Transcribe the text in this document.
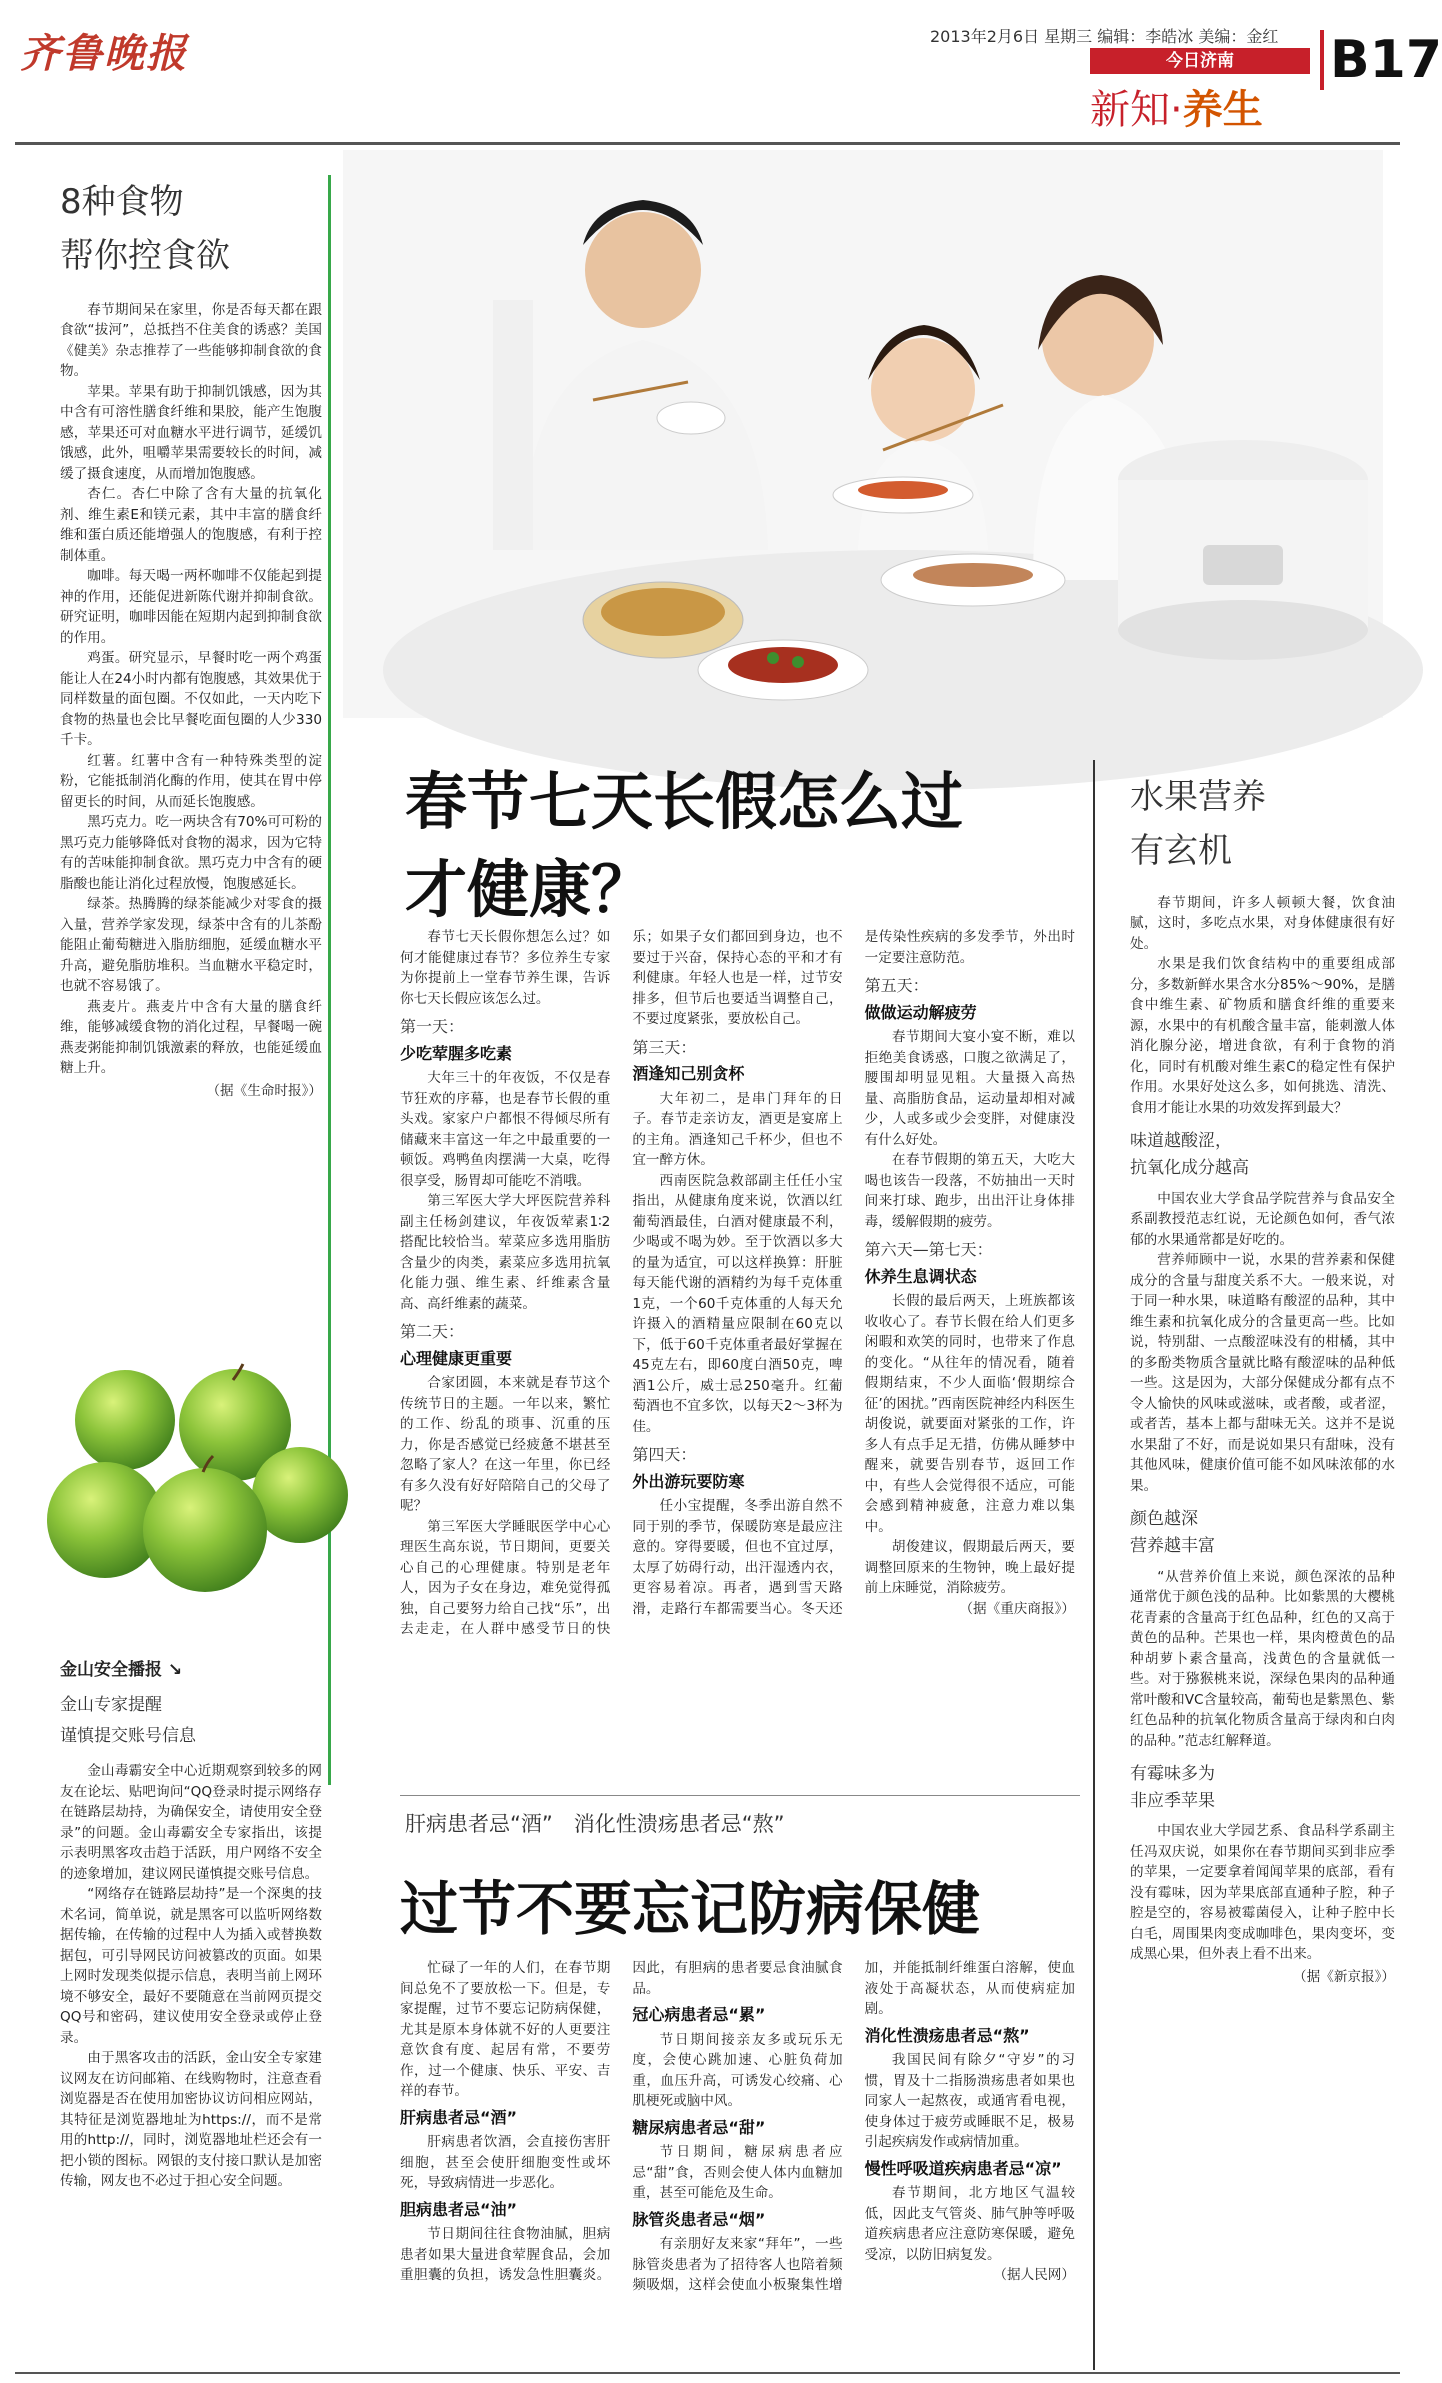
齐鲁晚报	2013年2月6日 星期三 编辑：李皓冰 美编：金红
今日济南
新知·养生
B17
8种食物
帮你控食欲

春节期间呆在家里，你是否每天都在跟食欲“拔河”，总抵挡不住美食的诱惑？美国《健美》杂志推荐了一些能够抑制食欲的食物。

苹果。苹果有助于抑制饥饿感，因为其中含有可溶性膳食纤维和果胶，能产生饱腹感，苹果还可对血糖水平进行调节，延缓饥饿感，此外，咀嚼苹果需要较长的时间，减缓了摄食速度，从而增加饱腹感。

杏仁。杏仁中除了含有大量的抗氧化剂、维生素E和镁元素，其中丰富的膳食纤维和蛋白质还能增强人的饱腹感，有利于控制体重。

咖啡。每天喝一两杯咖啡不仅能起到提神的作用，还能促进新陈代谢并抑制食欲。研究证明，咖啡因能在短期内起到抑制食欲的作用。

鸡蛋。研究显示，早餐时吃一两个鸡蛋能让人在24小时内都有饱腹感，其效果优于同样数量的面包圈。不仅如此，一天内吃下食物的热量也会比早餐吃面包圈的人少330千卡。

红薯。红薯中含有一种特殊类型的淀粉，它能抵制消化酶的作用，使其在胃中停留更长的时间，从而延长饱腹感。

黑巧克力。吃一两块含有70%可可粉的黑巧克力能够降低对食物的渴求，因为它特有的苦味能抑制食欲。黑巧克力中含有的硬脂酸也能让消化过程放慢，饱腹感延长。

绿茶。热腾腾的绿茶能减少对零食的摄入量，营养学家发现，绿茶中含有的儿茶酚能阻止葡萄糖进入脂肪细胞，延缓血糖水平升高，避免脂肪堆积。当血糖水平稳定时，也就不容易饿了。

燕麦片。燕麦片中含有大量的膳食纤维，能够减缓食物的消化过程，早餐喝一碗燕麦粥能抑制饥饿激素的释放，也能延缓血糖上升。

（据《生命时报》）
金山安全播报 ↘
金山专家提醒
谨慎提交账号信息

金山毒霸安全中心近期观察到较多的网友在论坛、贴吧询问“QQ登录时提示网络存在链路层劫持，为确保安全，请使用安全登录”的问题。金山毒霸安全专家指出，该提示表明黑客攻击趋于活跃，用户网络不安全的迹象增加，建议网民谨慎提交账号信息。

“网络存在链路层劫持”是一个深奥的技术名词，简单说，就是黑客可以监听网络数据传输，在传输的过程中人为插入或替换数据包，可引导网民访问被篡改的页面。如果上网时发现类似提示信息，表明当前上网环境不够安全，最好不要随意在当前网页提交QQ号和密码，建议使用安全登录或停止登录。

由于黑客攻击的活跃，金山安全专家建议网友在访问邮箱、在线购物时，注意查看浏览器是否在使用加密协议访问相应网站，其特征是浏览器地址为https://，而不是常用的http://，同时，浏览器地址栏还会有一把小锁的图标。网银的支付接口默认是加密传输，网友也不必过于担心安全问题。

春节七天长假怎么过
才健康？

春节七天长假你想怎么过？如何才能健康过春节？多位养生专家为你提前上一堂春节养生课，告诉你七天长假应该怎么过。

第一天：
少吃荤腥多吃素

大年三十的年夜饭，不仅是春节狂欢的序幕，也是春节长假的重头戏。家家户户都恨不得倾尽所有储藏来丰富这一年之中最重要的一顿饭。鸡鸭鱼肉摆满一大桌，吃得很享受，肠胃却可能吃不消哦。

第三军医大学大坪医院营养科副主任杨剑建议，年夜饭荤素1∶2搭配比较恰当。荤菜应多选用脂肪含量少的肉类，素菜应多选用抗氧化能力强、维生素、纤维素含量高、高纤维素的蔬菜。

第二天：
心理健康更重要

合家团圆，本来就是春节这个传统节日的主题。一年以来，繁忙的工作、纷乱的琐事、沉重的压力，你是否感觉已经疲惫不堪甚至忽略了家人？在这一年里，你已经有多久没有好好陪陪自己的父母了呢？

第三军医大学睡眠医学中心心理医生高东说，节日期间，更要关心自己的心理健康。特别是老年人，因为子女在身边，难免觉得孤独，自己要努力给自己找“乐”，出去走走，在人群中感受节日的快乐；如果子女们都回到身边，也不要过于兴奋，保持心态的平和才有利健康。年轻人也是一样，过节安排多，但节后也要适当调整自己，不要过度紧张，要放松自己。

第三天：
酒逢知己别贪杯

大年初二，是串门拜年的日子。春节走亲访友，酒更是宴席上的主角。酒逢知己千杯少，但也不宜一醉方休。

西南医院急救部副主任任小宝指出，从健康角度来说，饮酒以红葡萄酒最佳，白酒对健康最不利，少喝或不喝为妙。至于饮酒以多大的量为适宜，可以这样换算：肝脏每天能代谢的酒精约为每千克体重1克，一个60千克体重的人每天允许摄入的酒精量应限制在60克以下，低于60千克体重者最好掌握在45克左右，即60度白酒50克，啤酒1公斤，威士忌250毫升。红葡萄酒也不宜多饮，以每天2～3杯为佳。

第四天：
外出游玩要防寒

任小宝提醒，冬季出游自然不同于别的季节，保暖防寒是最应注意的。穿得要暖，但也不宜过厚，太厚了妨碍行动，出汗湿透内衣，更容易着凉。再者，遇到雪天路滑，走路行车都需要当心。冬天还是传染性疾病的多发季节，外出时一定要注意防范。

第五天：
做做运动解疲劳

春节期间大宴小宴不断，难以拒绝美食诱惑，口腹之欲满足了，腰围却明显见粗。大量摄入高热量、高脂肪食品，运动量却相对减少，人或多或少会变胖，对健康没有什么好处。

在春节假期的第五天，大吃大喝也该告一段落，不妨抽出一天时间来打球、跑步，出出汗让身体排毒，缓解假期的疲劳。

第六天—第七天：
休养生息调状态

长假的最后两天，上班族都该收收心了。春节长假在给人们更多闲暇和欢笑的同时，也带来了作息的变化。“从往年的情况看，随着假期结束，不少人面临‘假期综合征’的困扰。”西南医院神经内科医生胡俊说，就要面对紧张的工作，许多人有点手足无措，仿佛从睡梦中醒来，就要告别春节，返回工作中，有些人会觉得很不适应，可能会感到精神疲惫，注意力难以集中。

胡俊建议，假期最后两天，要调整回原来的生物钟，晚上最好提前上床睡觉，消除疲劳。

（据《重庆商报》）
水果营养
有玄机

春节期间，许多人顿顿大餐，饮食油腻，这时，多吃点水果，对身体健康很有好处。

水果是我们饮食结构中的重要组成部分，多数新鲜水果含水分85%～90%，是膳食中维生素、矿物质和膳食纤维的重要来源，水果中的有机酸含量丰富，能刺激人体消化腺分泌，增进食欲，有利于食物的消化，同时有机酸对维生素C的稳定性有保护作用。水果好处这么多，如何挑选、清洗、食用才能让水果的功效发挥到最大？

味道越酸涩，
抗氧化成分越高

中国农业大学食品学院营养与食品安全系副教授范志红说，无论颜色如何，香气浓郁的水果通常都是好吃的。

营养师顾中一说，水果的营养素和保健成分的含量与甜度关系不大。一般来说，对于同一种水果，味道略有酸涩的品种，其中维生素和抗氧化成分的含量更高一些。比如说，特别甜、一点酸涩味没有的柑橘，其中的多酚类物质含量就比略有酸涩味的品种低一些。这是因为，大部分保健成分都有点不令人愉快的风味或滋味，或者酸，或者涩，或者苦，基本上都与甜味无关。这并不是说水果甜了不好，而是说如果只有甜味，没有其他风味，健康价值可能不如风味浓郁的水果。

颜色越深
营养越丰富

“从营养价值上来说，颜色深浓的品种通常优于颜色浅的品种。比如紫黑的大樱桃花青素的含量高于红色品种，红色的又高于黄色的品种。芒果也一样，果肉橙黄色的品种胡萝卜素含量高，浅黄色的含量就低一些。对于猕猴桃来说，深绿色果肉的品种通常叶酸和VC含量较高，葡萄也是紫黑色、紫红色品种的抗氧化物质含量高于绿肉和白肉的品种。”范志红解释道。

有霉味多为
非应季苹果

中国农业大学园艺系、食品科学系副主任冯双庆说，如果你在春节期间买到非应季的苹果，一定要拿着闻闻苹果的底部，看有没有霉味，因为苹果底部直通种子腔，种子腔是空的，容易被霉菌侵入，让种子腔中长白毛，周围果肉变成咖啡色，果肉变坏，变成黑心果，但外表上看不出来。

（据《新京报》）
肝病患者忌“酒”　消化性溃疡患者忌“熬”
过节不要忘记防病保健

忙碌了一年的人们，在春节期间总免不了要放松一下。但是，专家提醒，过节不要忘记防病保健，尤其是原本身体就不好的人更要注意饮食有度、起居有常，不要劳作，过一个健康、快乐、平安、吉祥的春节。

肝病患者忌“酒”

肝病患者饮酒，会直接伤害肝细胞，甚至会使肝细胞变性或坏死，导致病情进一步恶化。

胆病患者忌“油”

节日期间往往食物油腻，胆病患者如果大量进食荤腥食品，会加重胆囊的负担，诱发急性胆囊炎。因此，有胆病的患者要忌食油腻食品。

冠心病患者忌“累”

节日期间接亲友多或玩乐无度，会使心跳加速、心脏负荷加重，血压升高，可诱发心绞痛、心肌梗死或脑中风。

糖尿病患者忌“甜”

节日期间，糖尿病患者应忌“甜”食，否则会使人体内血糖加重，甚至可能危及生命。

脉管炎患者忌“烟”

有亲朋好友来家“拜年”，一些脉管炎患者为了招待客人也陪着频频吸烟，这样会使血小板聚集性增加，并能抵制纤维蛋白溶解，使血液处于高凝状态，从而使病症加剧。

消化性溃疡患者忌“熬”

我国民间有除夕“守岁”的习惯，胃及十二指肠溃疡患者如果也同家人一起熬夜，或通宵看电视，使身体过于疲劳或睡眠不足，极易引起疾病发作或病情加重。

慢性呼吸道疾病患者忌“凉”

春节期间，北方地区气温较低，因此支气管炎、肺气肿等呼吸道疾病患者应注意防寒保暖，避免受凉，以防旧病复发。

（据人民网）
